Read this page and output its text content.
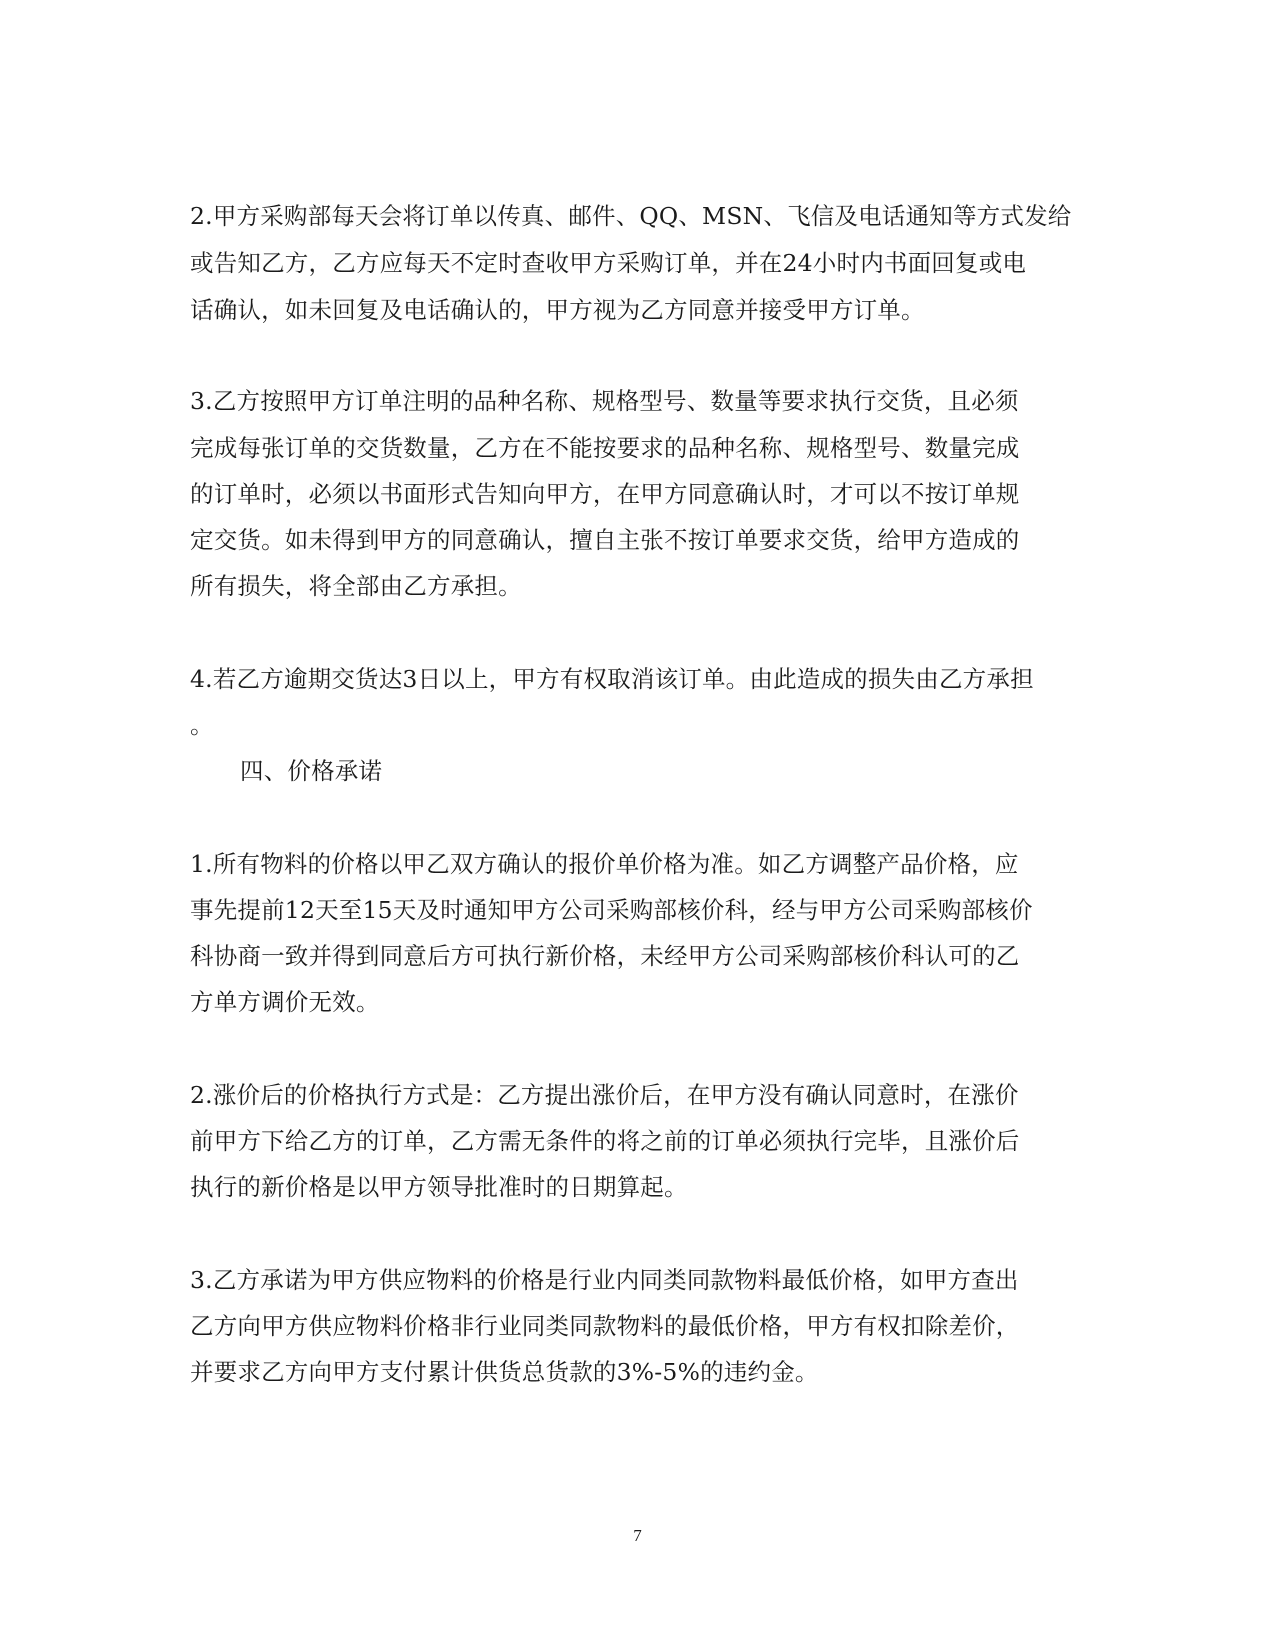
2.甲方采购部每天会将订单以传真、邮件、QQ、MSN、飞信及电话通知等方式发给
或告知乙方，乙方应每天不定时查收甲方采购订单，并在24小时内书面回复或电
话确认，如未回复及电话确认的，甲方视为乙方同意并接受甲方订单。
3.乙方按照甲方订单注明的品种名称、规格型号、数量等要求执行交货，且必须
完成每张订单的交货数量，乙方在不能按要求的品种名称、规格型号、数量完成
的订单时，必须以书面形式告知向甲方，在甲方同意确认时，才可以不按订单规
定交货。如未得到甲方的同意确认，擅自主张不按订单要求交货，给甲方造成的
所有损失，将全部由乙方承担。
4.若乙方逾期交货达3日以上，甲方有权取消该订单。由此造成的损失由乙方承担
。
四、价格承诺
1.所有物料的价格以甲乙双方确认的报价单价格为准。如乙方调整产品价格，应
事先提前12天至15天及时通知甲方公司采购部核价科，经与甲方公司采购部核价
科协商一致并得到同意后方可执行新价格，未经甲方公司采购部核价科认可的乙
方单方调价无效。
2.涨价后的价格执行方式是：乙方提出涨价后，在甲方没有确认同意时，在涨价
前甲方下给乙方的订单，乙方需无条件的将之前的订单必须执行完毕，且涨价后
执行的新价格是以甲方领导批准时的日期算起。
3.乙方承诺为甲方供应物料的价格是行业内同类同款物料最低价格，如甲方查出
乙方向甲方供应物料价格非行业同类同款物料的最低价格，甲方有权扣除差价，
并要求乙方向甲方支付累计供货总货款的3%-5%的违约金。
7
